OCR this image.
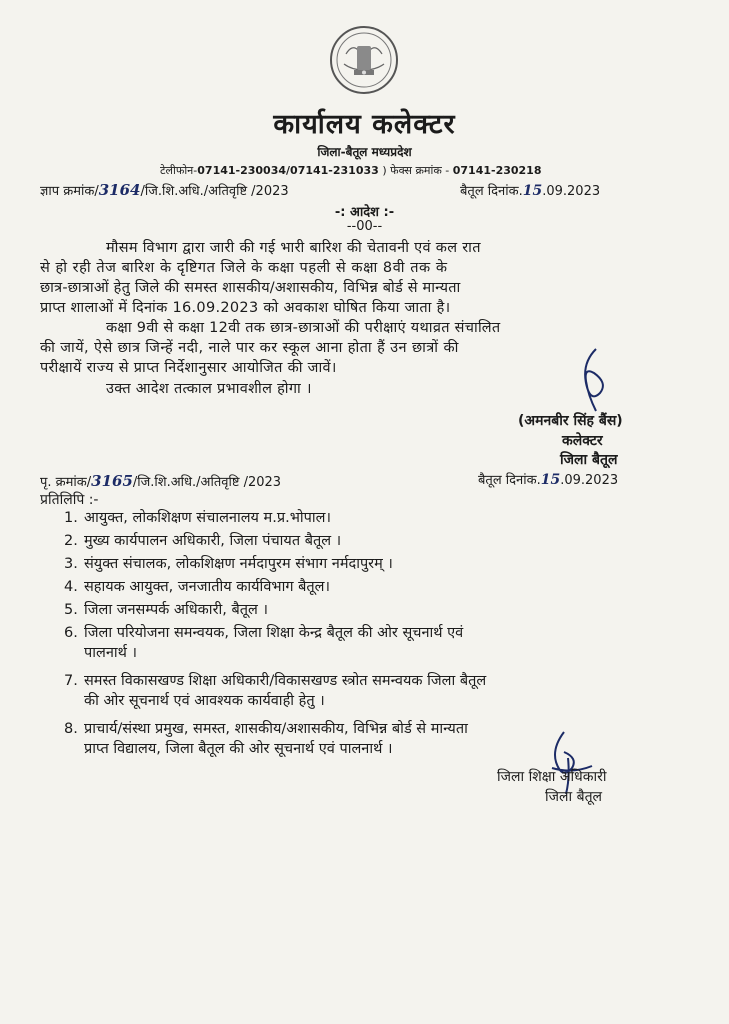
कार्यालय कलेक्टर
जिला-बैतूल मध्यप्रदेश
टेलीफोन-07141-230034/07141-231033 ) फेक्स क्रमांक - 07141-230218
ज्ञाप क्रमांक/3164/जि.शि.अधि./अतिवृष्टि /2023	बैतूल दिनांक.15.09.2023
-: आदेश :-
--00--
मौसम विभाग द्वारा जारी की गई भारी बारिश की चेतावनी एवं कल रात
से हो रही तेज बारिश के दृष्टिगत जिले के कक्षा पहली से कक्षा 8वी तक के
छात्र-छात्राओं हेतु जिले की समस्त शासकीय/अशासकीय, विभिन्न बोर्ड से मान्यता
प्राप्त शालाओं में दिनांक 16.09.2023 को अवकाश घोषित किया जाता है।
कक्षा 9वी से कक्षा 12वी तक छात्र-छात्राओं की परीक्षाएं यथाव्रत संचालित
की जायें, ऐसे छात्र जिन्हें नदी, नाले पार कर स्कूल आना होता हैं उन छात्रों की
परीक्षायें राज्य से प्राप्त निर्देशानुसार आयोजित की जावें।
उक्त आदेश तत्काल प्रभावशील होगा ।
(अमनबीर सिंह बैंस)
कलेक्टर
जिला बैतूल
पृ. क्रमांक/3165/जि.शि.अधि./अतिवृष्टि /2023	बैतूल दिनांक.15.09.2023
प्रतिलिपि :-
1. आयुक्त, लोकशिक्षण संचालनालय म.प्र.भोपाल।
2. मुख्य कार्यपालन अधिकारी, जिला पंचायत बैतूल ।
3. संयुक्त संचालक, लोकशिक्षण नर्मदापुरम संभाग नर्मदापुरम् ।
4. सहायक आयुक्त, जनजातीय कार्यविभाग बैतूल।
5. जिला जनसम्पर्क अधिकारी, बैतूल ।
6. जिला परियोजना समन्वयक, जिला शिक्षा केन्द्र बैतूल की ओर सूचनार्थ एवं
पालनार्थ ।
7. समस्त विकासखण्ड शिक्षा अधिकारी/विकासखण्ड स्त्रोत समन्वयक जिला बैतूल
की ओर सूचनार्थ एवं आवश्यक कार्यवाही हेतु ।
8. प्राचार्य/संस्था प्रमुख, समस्त, शासकीय/अशासकीय, विभिन्न बोर्ड से मान्यता
प्राप्त विद्यालय, जिला बैतूल की ओर सूचनार्थ एवं पालनार्थ ।
जिला शिक्षा अधिकारी
जिला बैतूल
